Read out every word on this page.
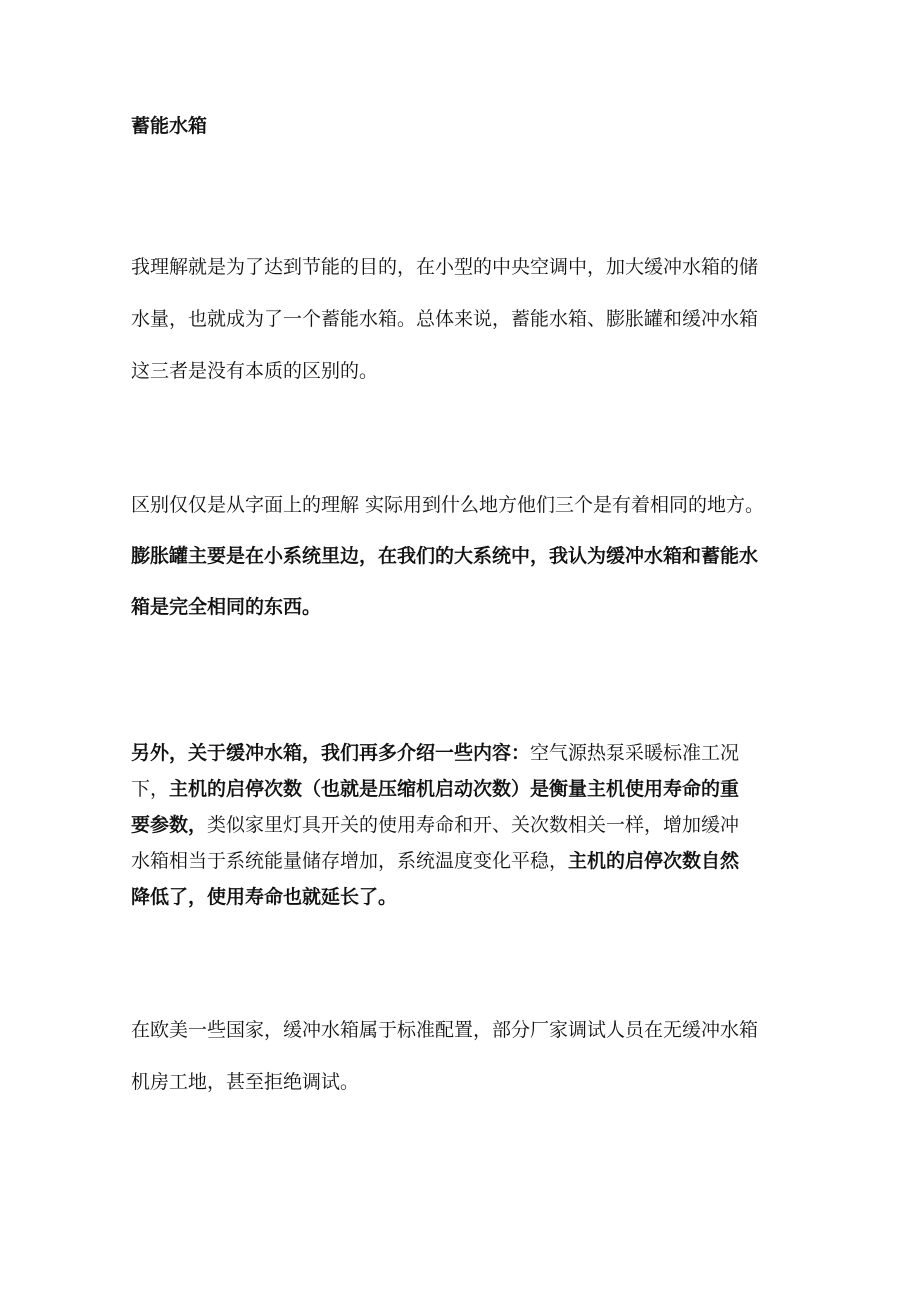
蓄能水箱

我理解就是为了达到节能的目的，在小型的中央空调中，加大缓冲水箱的储
水量，也就成为了一个蓄能水箱。总体来说，蓄能水箱、膨胀罐和缓冲水箱
这三者是没有本质的区别的。

区别仅仅是从字面上的理解 实际用到什么地方他们三个是有着相同的地方。
膨胀罐主要是在小系统里边，在我们的大系统中，我认为缓冲水箱和蓄能水
箱是完全相同的东西。

另外，关于缓冲水箱，我们再多介绍一些内容：空气源热泵采暖标准工况
下，主机的启停次数（也就是压缩机启动次数）是衡量主机使用寿命的重
要参数，类似家里灯具开关的使用寿命和开、关次数相关一样，增加缓冲
水箱相当于系统能量储存增加，系统温度变化平稳，主机的启停次数自然
降低了，使用寿命也就延长了。

在欧美一些国家，缓冲水箱属于标准配置，部分厂家调试人员在无缓冲水箱
机房工地，甚至拒绝调试。
